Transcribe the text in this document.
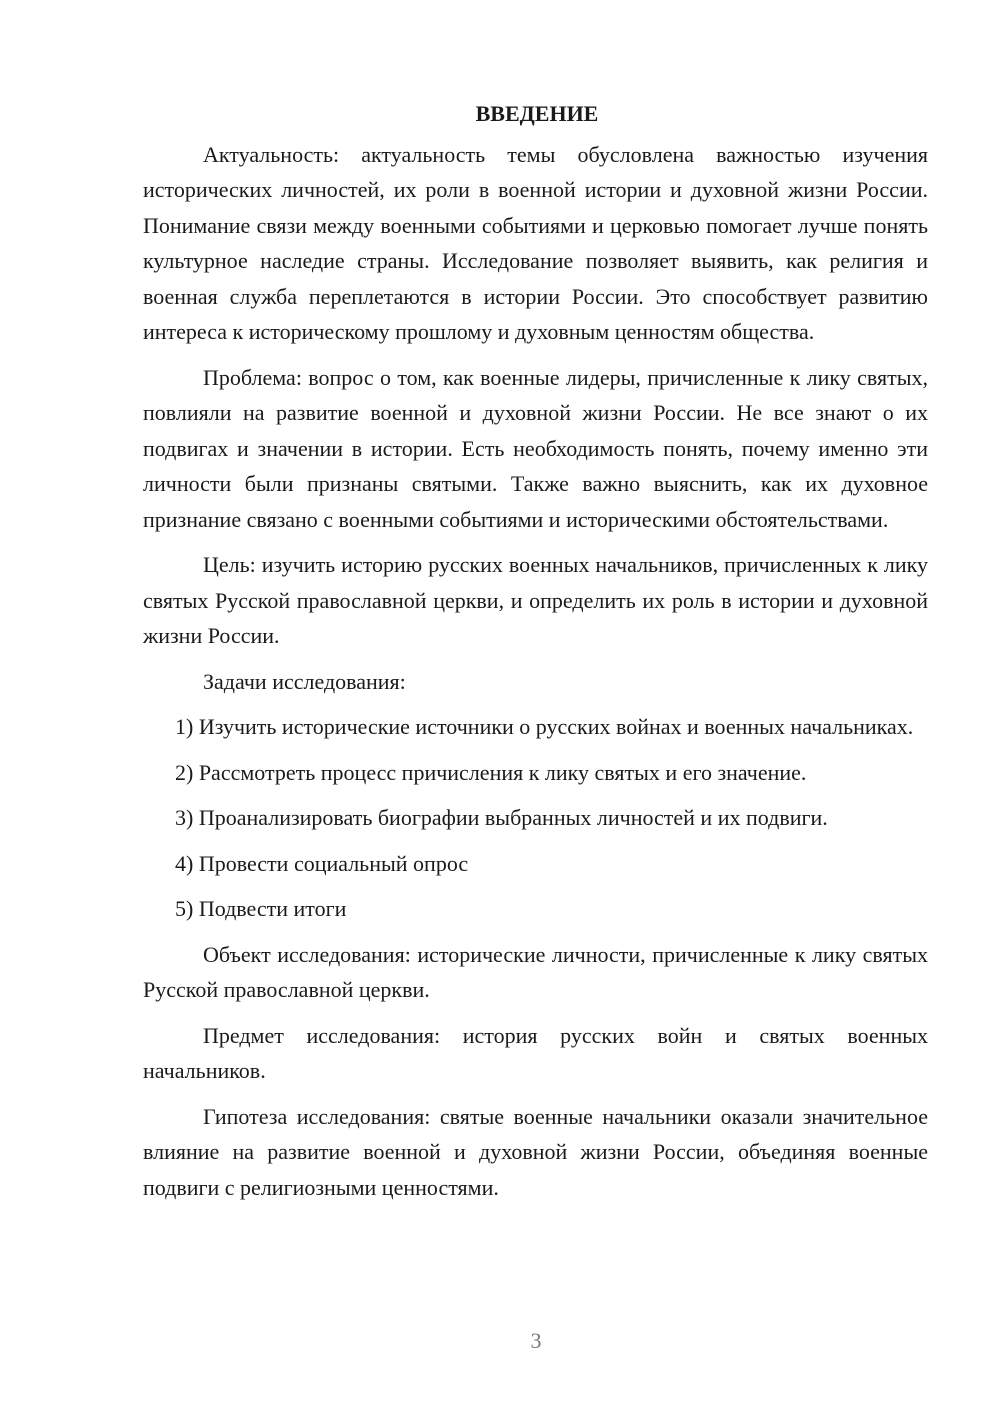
ВВЕДЕНИЕ

Актуальность: актуальность темы обусловлена важностью изучения исторических личностей, их роли в военной истории и духовной жизни России. Понимание связи между военными событиями и церковью помогает лучше понять культурное наследие страны. Исследование позволяет выявить, как религия и военная служба переплетаются в истории России. Это способствует развитию интереса к историческому прошлому и духовным ценностям общества.

Проблема: вопрос о том, как военные лидеры, причисленные к лику святых, повлияли на развитие военной и духовной жизни России. Не все знают о их подвигах и значении в истории. Есть необходимость понять, почему именно эти личности были признаны святыми. Также важно выяснить, как их духовное признание связано с военными событиями и историческими обстоятельствами.

Цель: изучить историю русских военных начальников, причисленных к лику святых Русской православной церкви, и определить их роль в истории и духовной жизни России.

Задачи исследования:

1) Изучить исторические источники о русских войнах и военных начальниках.

2) Рассмотреть процесс причисления к лику святых и его значение.

3) Проанализировать биографии выбранных личностей и их подвиги.

4) Провести социальный опрос

5) Подвести итоги

Объект исследования: исторические личности, причисленные к лику святых Русской православной церкви.

Предмет исследования: история русских войн и святых военных начальников.

Гипотеза исследования: святые военные начальники оказали значительное влияние на развитие военной и духовной жизни России, объединяя военные подвиги с религиозными ценностями.

3
